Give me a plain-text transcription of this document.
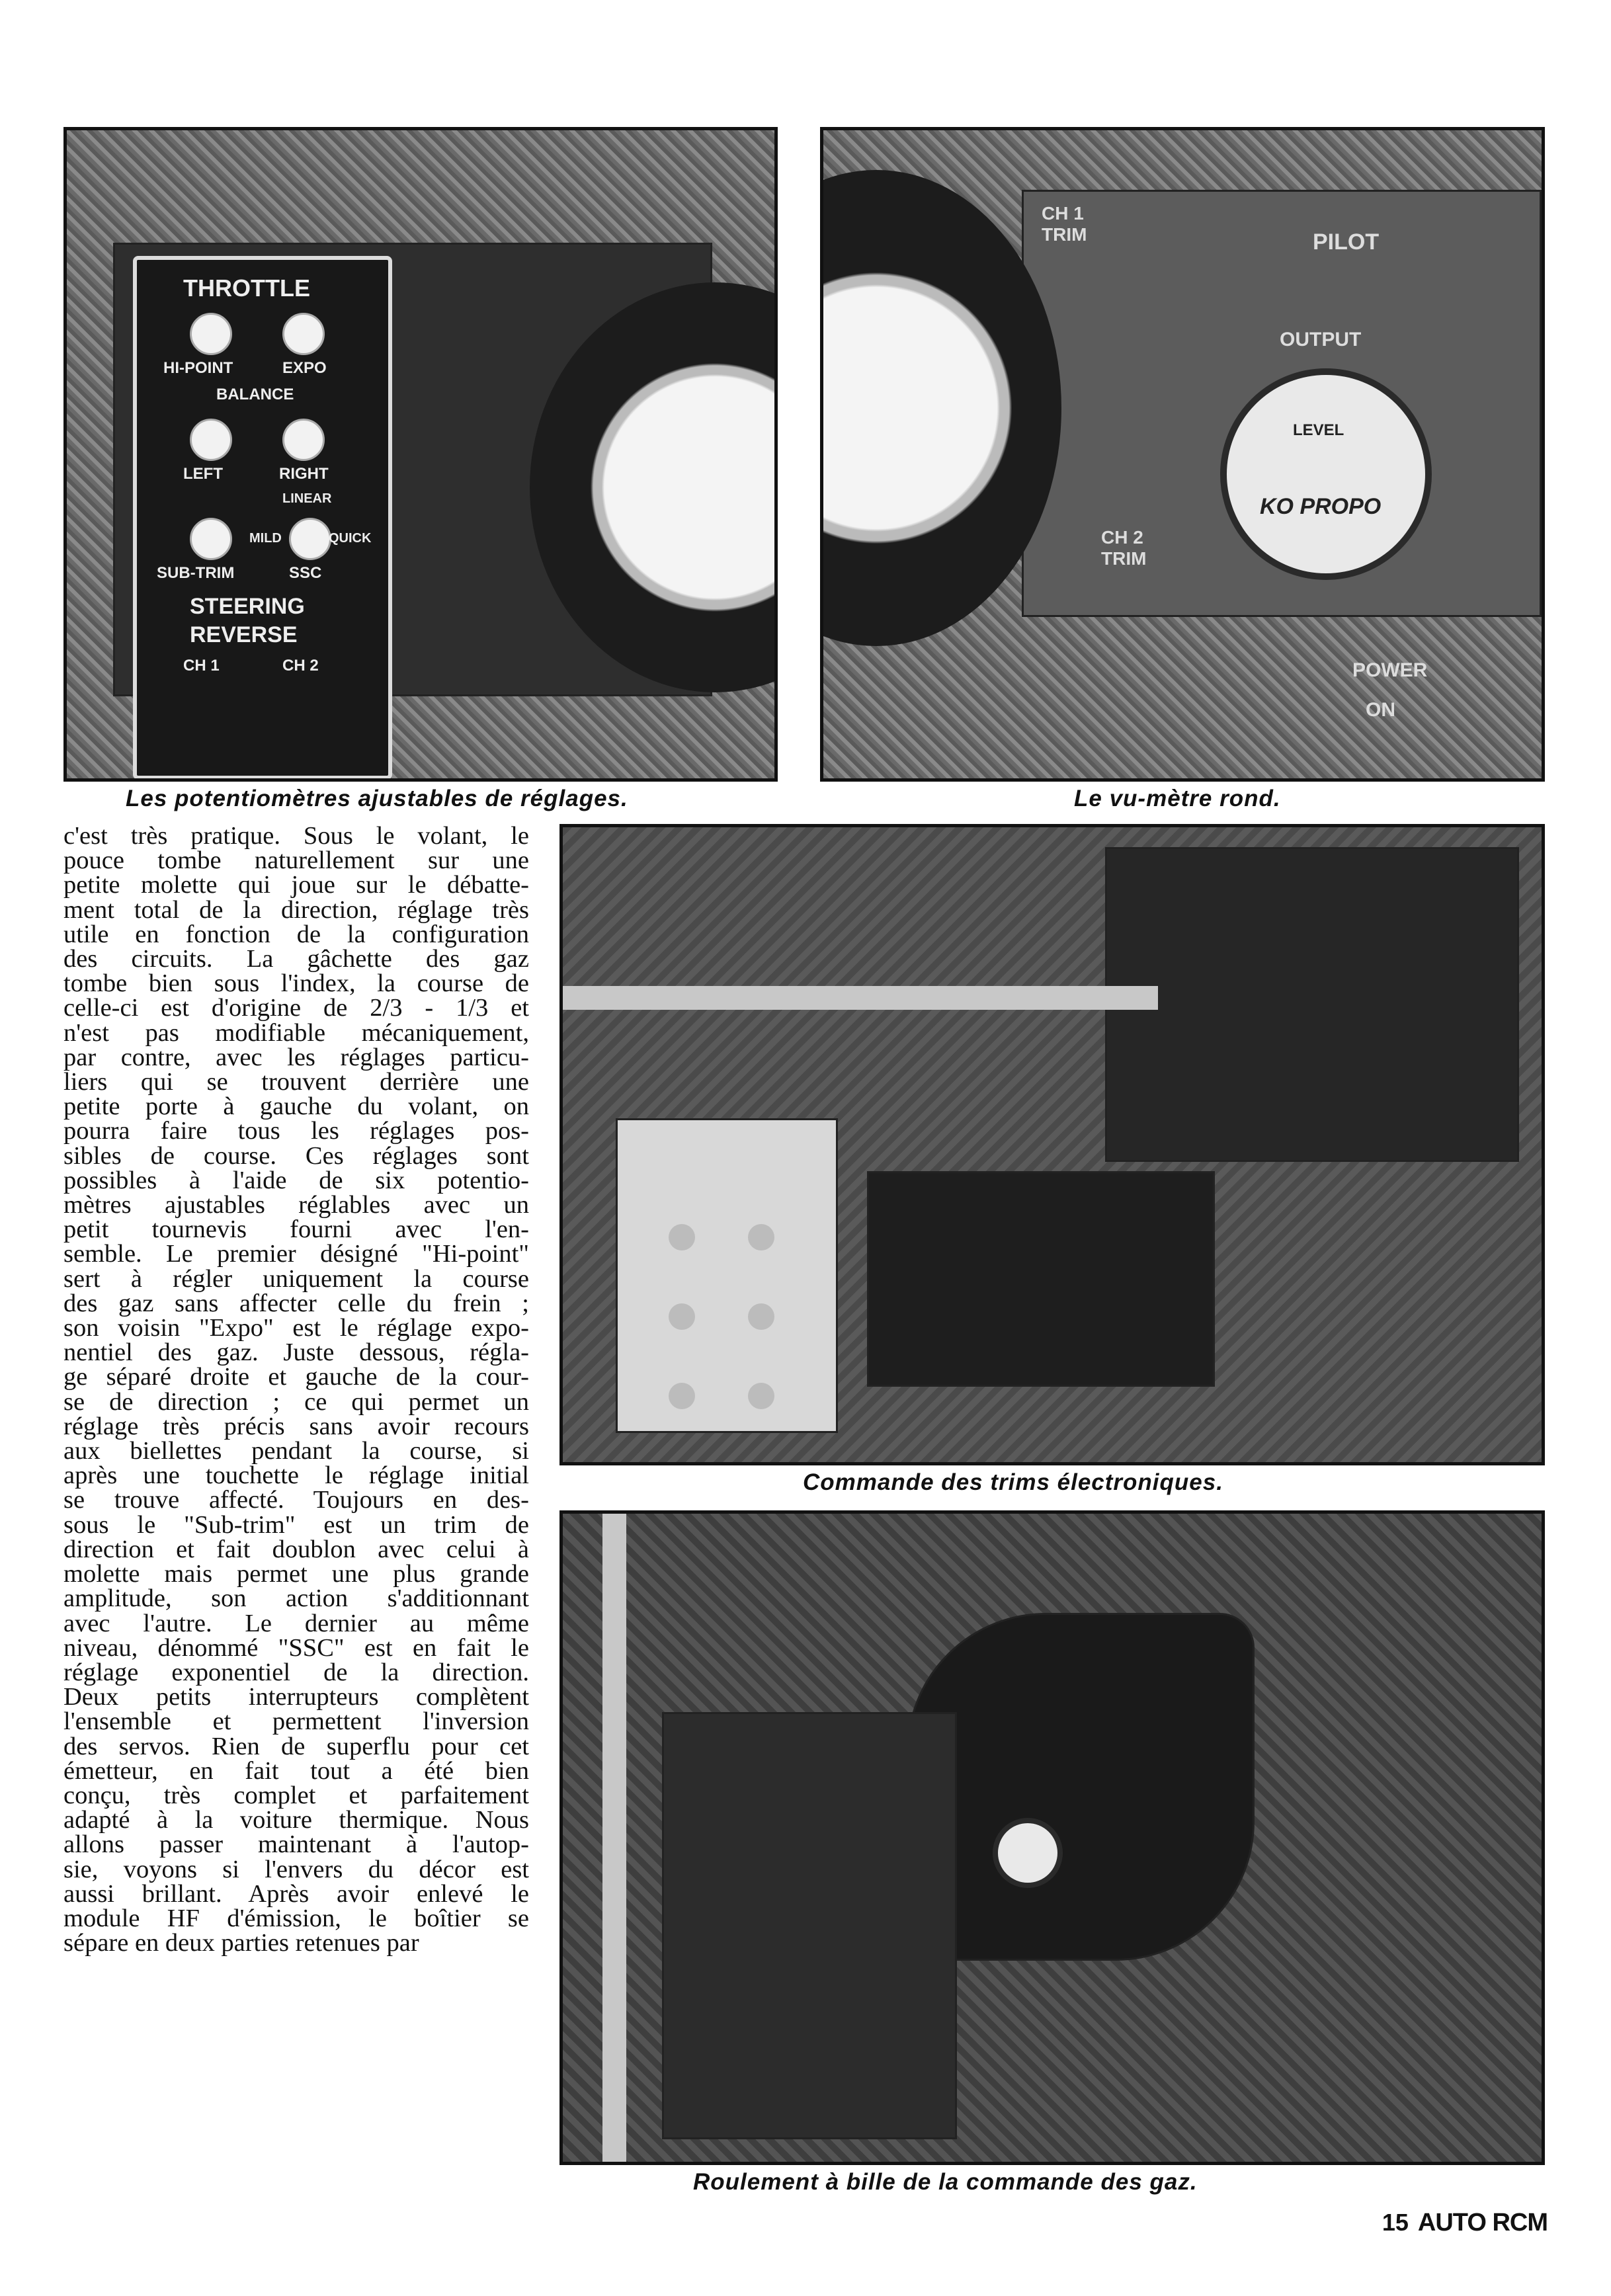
THROTTLE
HI-POINT	EXPO
BALANCE
LEFT	RIGHT
LINEAR
MILD	QUICK
SUB-TRIM	SSC
STEERING
REVERSE
CH 1	CH 2
CH 1 TRIM	PILOT
OUTPUT
LEVEL
KO PROPO
CH 2 TRIM
POWER
ON
Les potentiomètres ajustables de réglages.	Le vu-mètre rond.
Commande des trims électroniques.
Roulement à bille de la commande des gaz.
c'est très pratique. Sous le volant, le
pouce tombe naturellement sur une
petite molette qui joue sur le débatte-
ment total de la direction, réglage très
utile en fonction de la configuration
des circuits. La gâchette des gaz
tombe bien sous l'index, la course de
celle-ci est d'origine de 2/3 - 1/3 et
n'est pas modifiable mécaniquement,
par contre, avec les réglages particu-
liers qui se trouvent derrière une
petite porte à gauche du volant, on
pourra faire tous les réglages pos-
sibles de course. Ces réglages sont
possibles à l'aide de six potentio-
mètres ajustables réglables avec un
petit tournevis fourni avec l'en-
semble. Le premier désigné "Hi-point"
sert à régler uniquement la course
des gaz sans affecter celle du frein ;
son voisin "Expo" est le réglage expo-
nentiel des gaz. Juste dessous, régla-
ge séparé droite et gauche de la cour-
se de direction ; ce qui permet un
réglage très précis sans avoir recours
aux biellettes pendant la course, si
après une touchette le réglage initial
se trouve affecté. Toujours en des-
sous le "Sub-trim" est un trim de
direction et fait doublon avec celui à
molette mais permet une plus grande
amplitude, son action s'additionnant
avec l'autre. Le dernier au même
niveau, dénommé "SSC" est en fait le
réglage exponentiel de la direction.
Deux petits interrupteurs complètent
l'ensemble et permettent l'inversion
des servos. Rien de superflu pour cet
émetteur, en fait tout a été bien
conçu, très complet et parfaitement
adapté à la voiture thermique. Nous
allons passer maintenant à l'autop-
sie, voyons si l'envers du décor est
aussi brillant. Après avoir enlevé le
module HF d'émission, le boîtier se
sépare en deux parties retenues par
15 AUTO RCM
